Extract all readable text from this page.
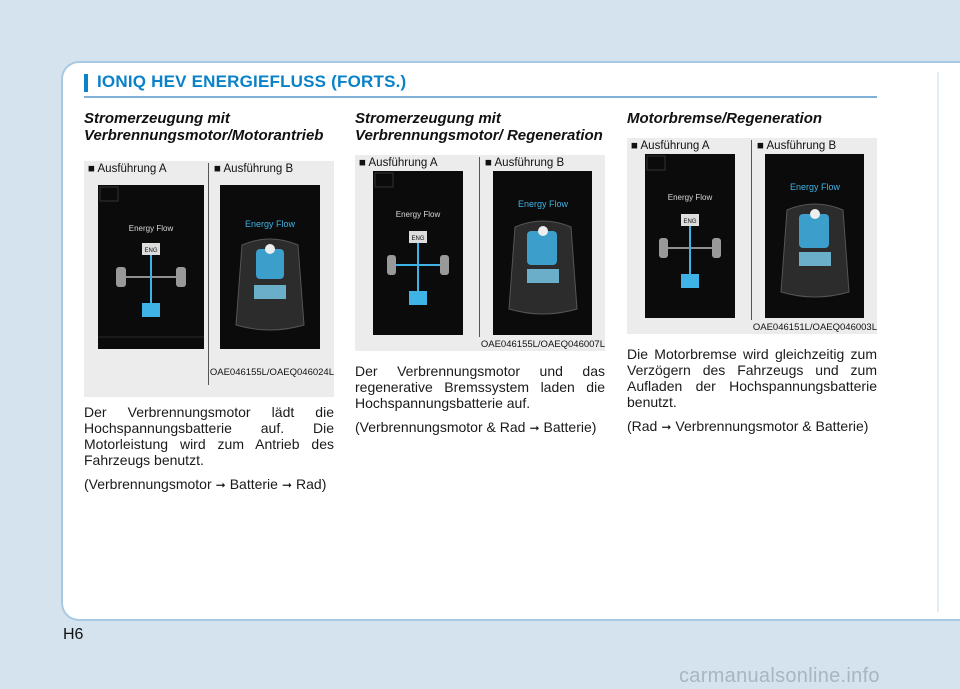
IONIQ HEV ENERGIEFLUSS (FORTS.)
Stromerzeugung mit Verbrennungsmotor/Motorantrieb
■ Ausführung A	■ Ausführung B
Energy Flow
ENG
Energy Flow
OAE046155L/OAEQ046024L

Der Verbrennungsmotor lädt die Hochspannungsbatterie auf. Die Motorleistung wird zum Antrieb des Fahrzeugs benutzt.

(Verbrennungsmotor ➞ Batterie ➞ Rad)

Stromerzeugung mit Verbrennungsmotor/ Regeneration
■ Ausführung A	■ Ausführung B
Energy Flow
ENG
Energy Flow
OAE046155L/OAEQ046007L

Der Verbrennungsmotor und das regenerative Bremssystem laden die Hochspannungsbatterie auf.

(Verbrennungsmotor & Rad ➞ Batterie)

Motorbremse/Regeneration
■ Ausführung A	■ Ausführung B
Energy Flow
ENG
Energy Flow
OAE046151L/OAEQ046003L

Die Motorbremse wird gleichzeitig zum Verzögern des Fahrzeugs und zum Aufladen der Hochspannungsbatterie benutzt.

(Rad ➞ Verbrennungsmotor & Batterie)

H6
carmanualsonline.info
